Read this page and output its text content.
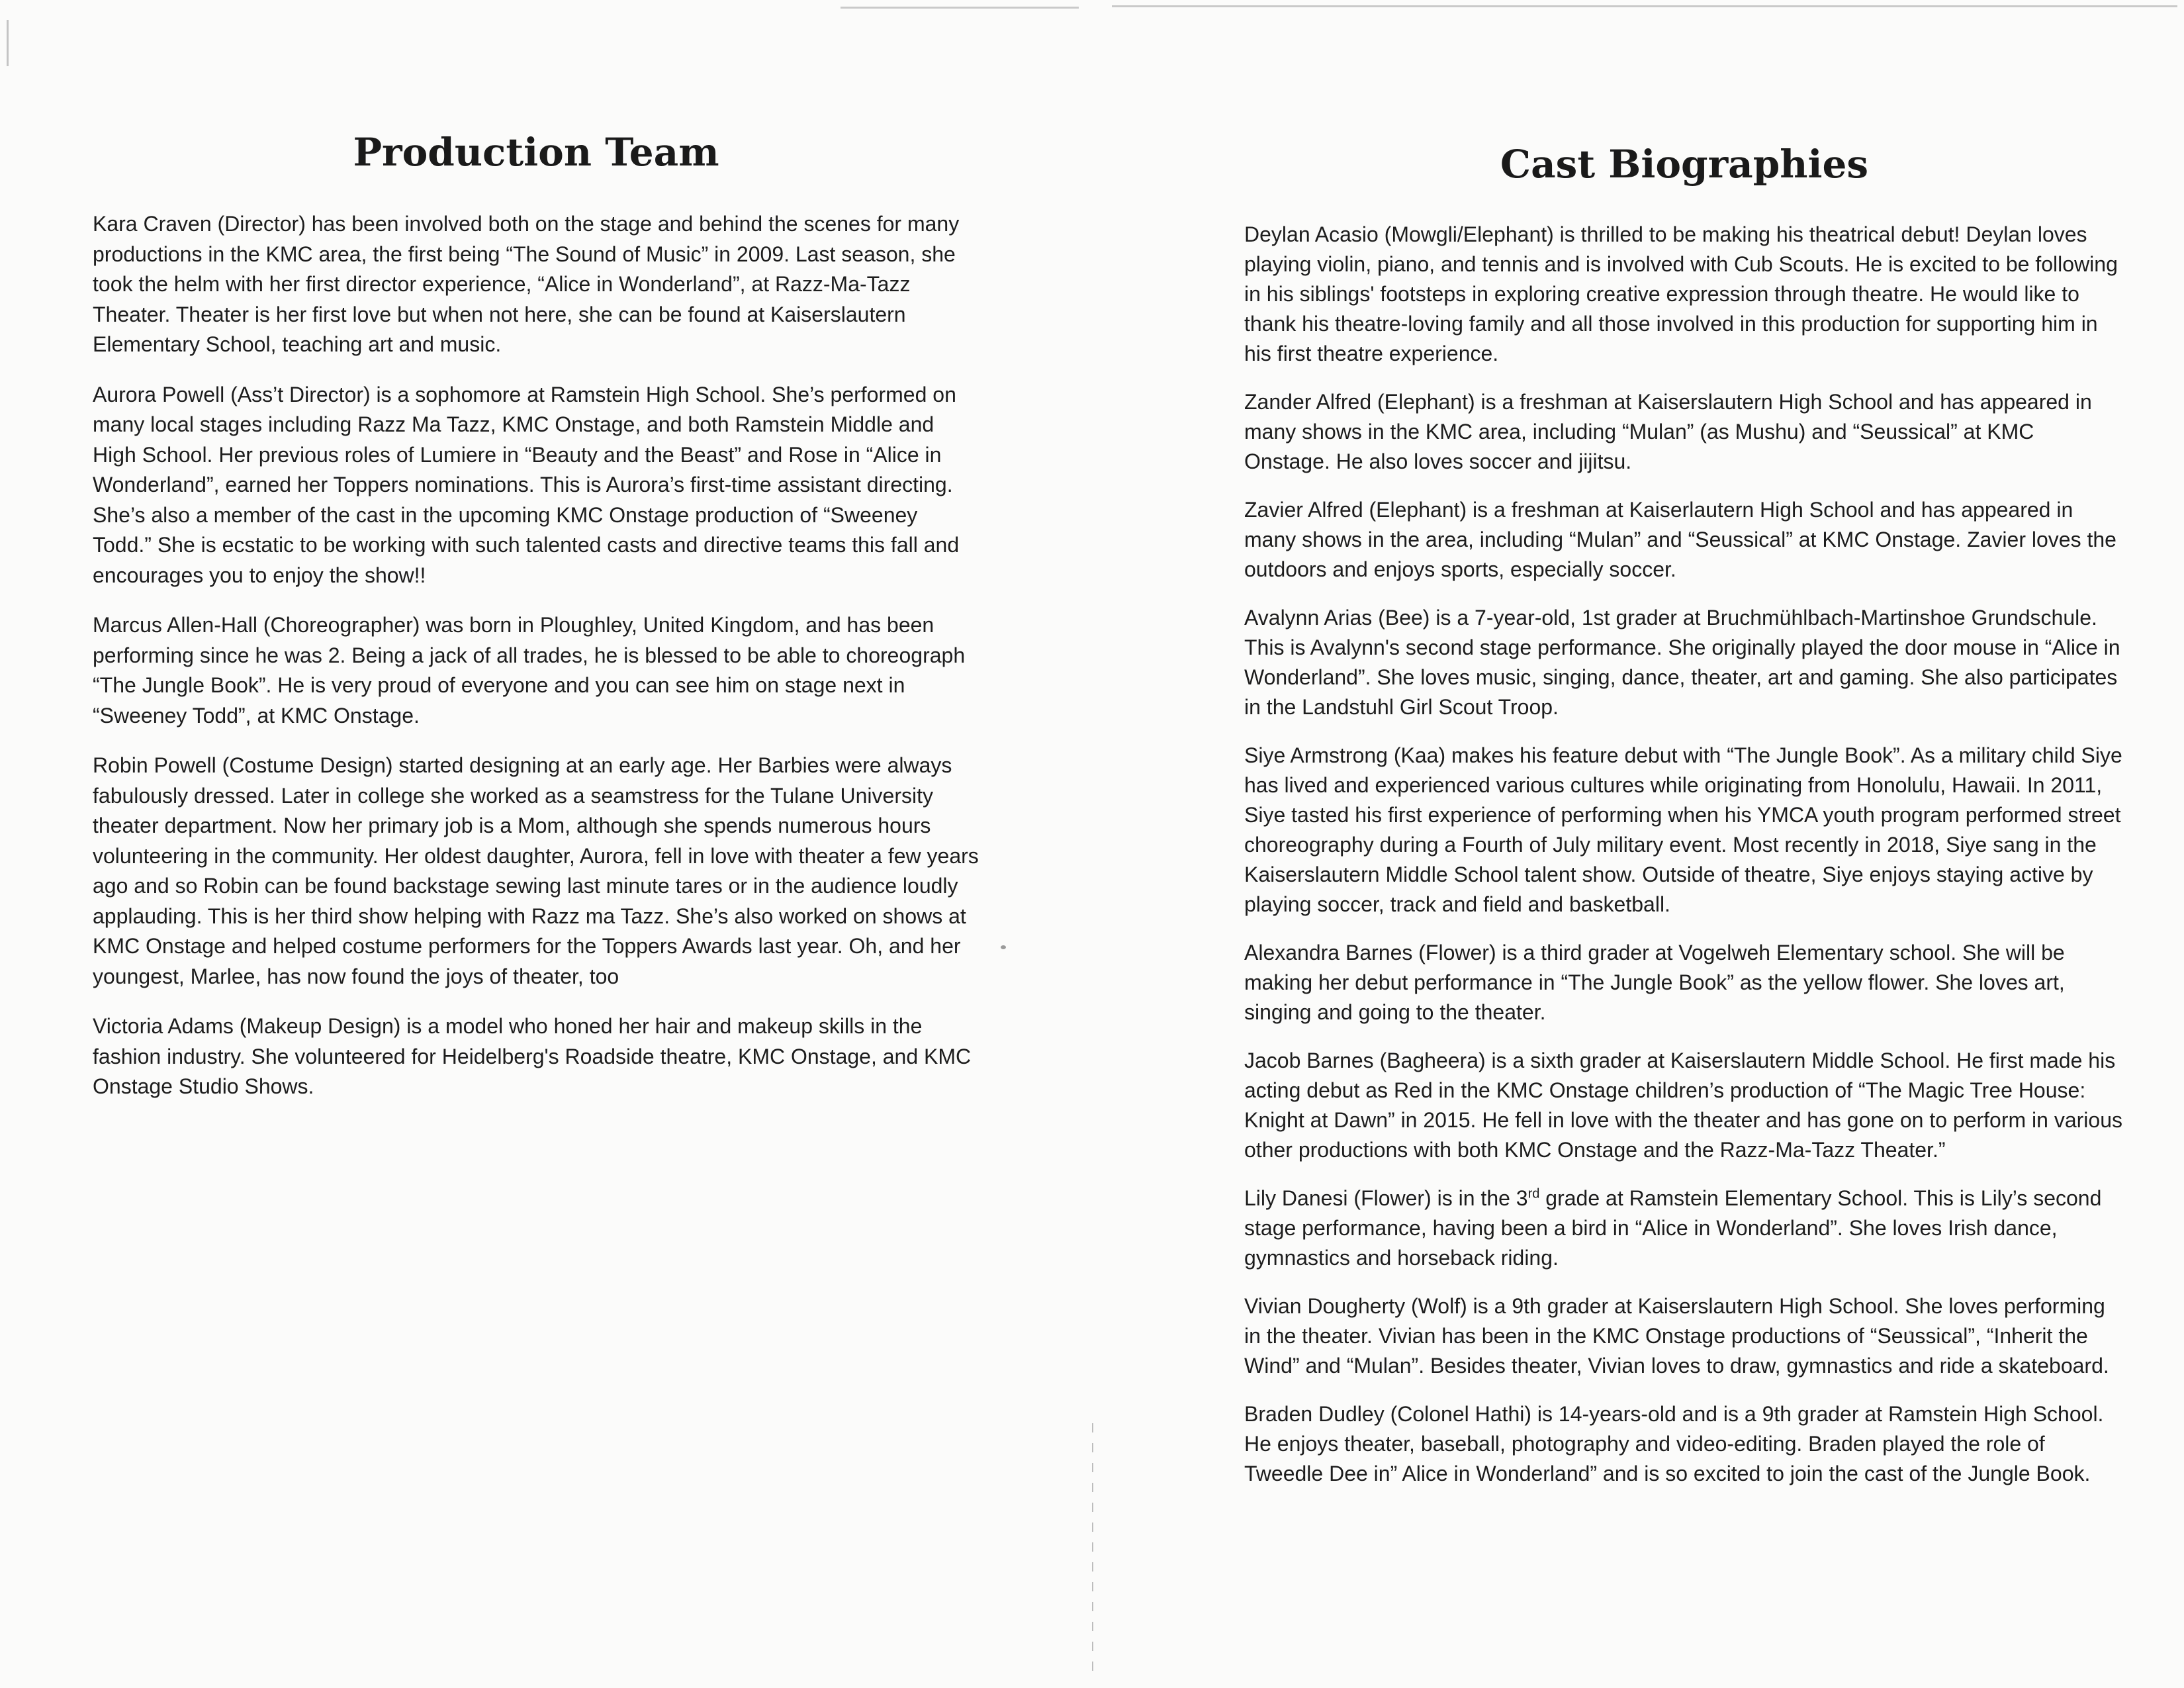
Production Team

Kara Craven (Director) has been involved both on the stage and behind the scenes for many productions in the KMC area, the first being “The Sound of Music” in 2009. Last season, she took the helm with her first director experience, “Alice in Wonderland”, at Razz-Ma-Tazz Theater. Theater is her first love but when not here, she can be found at Kaiserslautern Elementary School, teaching art and music.

Aurora Powell (Ass’t Director) is a sophomore at Ramstein High School. She’s performed on many local stages including Razz Ma Tazz, KMC Onstage, and both Ramstein Middle and High School. Her previous roles of Lumiere in “Beauty and the Beast” and Rose in “Alice in Wonderland”, earned her Toppers nominations. This is Aurora’s first-time assistant directing. She’s also a member of the cast in the upcoming KMC Onstage production of “Sweeney Todd.” She is ecstatic to be working with such talented casts and directive teams this fall and encourages you to enjoy the show!!

Marcus Allen-Hall (Choreographer) was born in Ploughley, United Kingdom, and has been performing since he was 2. Being a jack of all trades, he is blessed to be able to choreograph “The Jungle Book”. He is very proud of everyone and you can see him on stage next in “Sweeney Todd”, at KMC Onstage.

Robin Powell (Costume Design) started designing at an early age. Her Barbies were always fabulously dressed. Later in college she worked as a seamstress for the Tulane University theater department. Now her primary job is a Mom, although she spends numerous hours volunteering in the community. Her oldest daughter, Aurora, fell in love with theater a few years ago and so Robin can be found backstage sewing last minute tares or in the audience loudly applauding. This is her third show helping with Razz ma Tazz. She’s also worked on shows at KMC Onstage and helped costume performers for the Toppers Awards last year. Oh, and her youngest, Marlee, has now found the joys of theater, too

Victoria Adams (Makeup Design) is a model who honed her hair and makeup skills in the fashion industry. She volunteered for Heidelberg's Roadside theatre, KMC Onstage, and KMC Onstage Studio Shows.

Cast Biographies

Deylan Acasio (Mowgli/Elephant) is thrilled to be making his theatrical debut! Deylan loves playing violin, piano, and tennis and is involved with Cub Scouts. He is excited to be following in his siblings' footsteps in exploring creative expression through theatre. He would like to thank his theatre-loving family and all those involved in this production for supporting him in his first theatre experience.

Zander Alfred (Elephant) is a freshman at Kaiserslautern High School and has appeared in many shows in the KMC area, including “Mulan” (as Mushu) and “Seussical” at KMC Onstage. He also loves soccer and jijitsu.

Zavier Alfred (Elephant) is a freshman at Kaiserlautern High School and has appeared in many shows in the area, including “Mulan” and “Seussical” at KMC Onstage. Zavier loves the outdoors and enjoys sports, especially soccer.

Avalynn Arias (Bee) is a 7-year-old, 1st grader at Bruchmühlbach-Martinshoe Grundschule. This is Avalynn's second stage performance. She originally played the door mouse in “Alice in Wonderland”. She loves music, singing, dance, theater, art and gaming. She also participates in the Landstuhl Girl Scout Troop.

Siye Armstrong (Kaa) makes his feature debut with “The Jungle Book”. As a military child Siye has lived and experienced various cultures while originating from Honolulu, Hawaii. In 2011, Siye tasted his first experience of performing when his YMCA youth program performed street choreography during a Fourth of July military event. Most recently in 2018, Siye sang in the Kaiserslautern Middle School talent show. Outside of theatre, Siye enjoys staying active by playing soccer, track and field and basketball.

Alexandra Barnes (Flower) is a third grader at Vogelweh Elementary school. She will be making her debut performance in “The Jungle Book” as the yellow flower. She loves art, singing and going to the theater.

Jacob Barnes (Bagheera) is a sixth grader at Kaiserslautern Middle School. He first made his acting debut as Red in the KMC Onstage children’s production of “The Magic Tree House: Knight at Dawn” in 2015. He fell in love with the theater and has gone on to perform in various other productions with both KMC Onstage and the Razz-Ma-Tazz Theater.”

Lily Danesi (Flower) is in the 3rd grade at Ramstein Elementary School. This is Lily’s second stage performance, having been a bird in “Alice in Wonderland”. She loves Irish dance, gymnastics and horseback riding.

Vivian Dougherty (Wolf) is a 9th grader at Kaiserslautern High School. She loves performing in the theater. Vivian has been in the KMC Onstage productions of “Seussical”, “Inherit the Wind” and “Mulan”. Besides theater, Vivian loves to draw, gymnastics and ride a skateboard.

Braden Dudley (Colonel Hathi) is 14-years-old and is a 9th grader at Ramstein High School. He enjoys theater, baseball, photography and video-editing. Braden played the role of Tweedle Dee in” Alice in Wonderland” and is so excited to join the cast of the Jungle Book.
